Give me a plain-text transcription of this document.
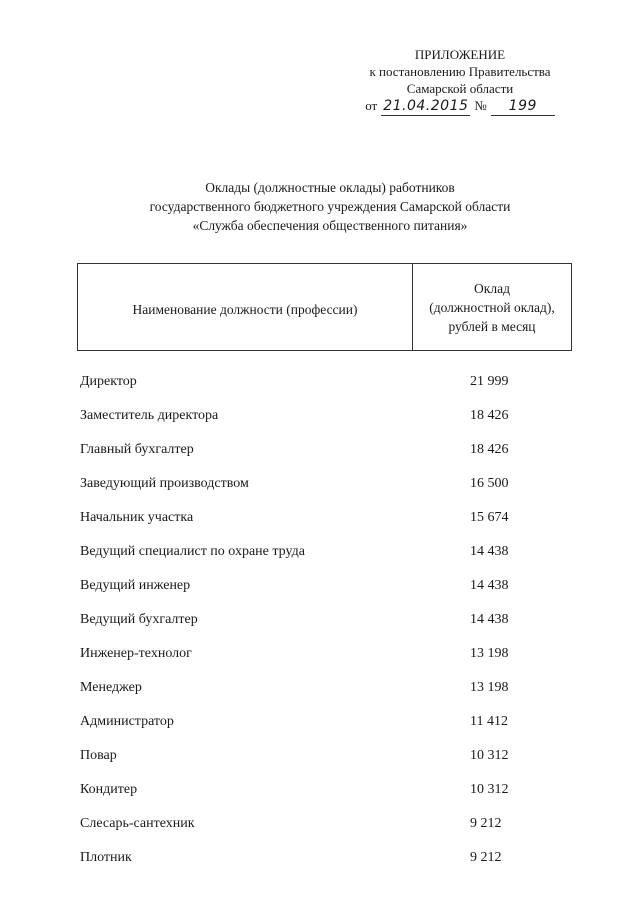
ПРИЛОЖЕНИЕ
к постановлению Правительства
Самарской области
от 21.04.2015 №	199
Оклады (должностные оклады) работников
государственного бюджетного учреждения Самарской области
«Служба обеспечения общественного питания»
Наименование должности (профессии)
Оклад
(должностной оклад),
рублей в месяц
Директор	21 999
Заместитель директора	18 426
Главный бухгалтер	18 426
Заведующий производством	16 500
Начальник участка	15 674
Ведущий специалист по охране труда	14 438
Ведущий инженер	14 438
Ведущий бухгалтер	14 438
Инженер-технолог	13 198
Менеджер	13 198
Администратор	11 412
Повар	10 312
Кондитер	10 312
Слесарь-сантехник	9 212
Плотник	9 212
